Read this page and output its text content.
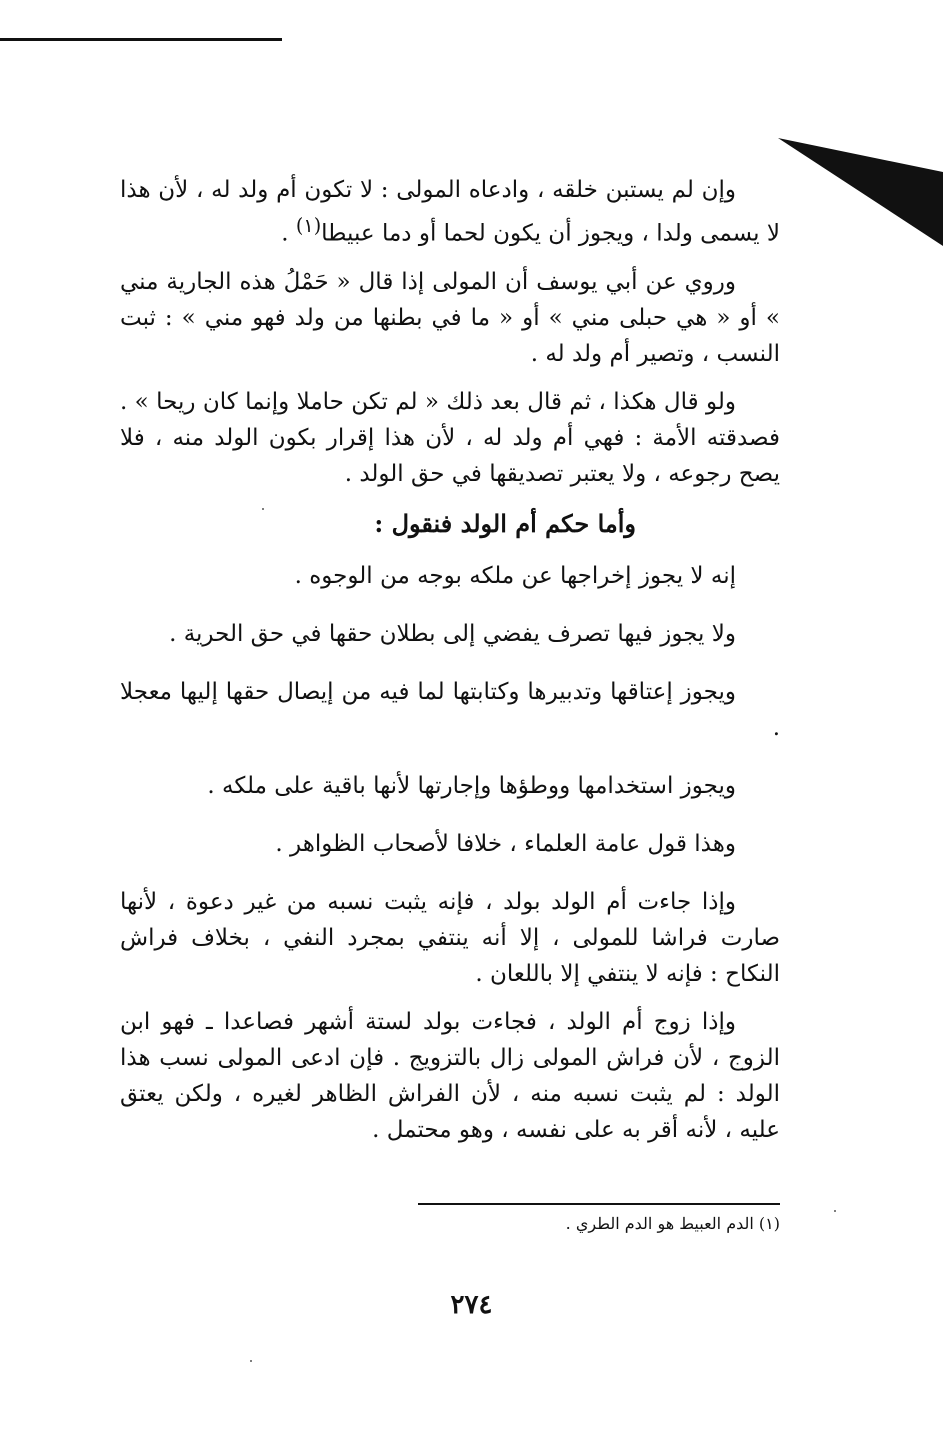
وإن لم يستبن خلقه ، وادعاه المولى : لا تكون أم ولد له ، لأن هذا لا يسمى ولدا ، ويجوز أن يكون لحما أو دما عبيطا$^{(١)}$ .

وروي عن أبي يوسف أن المولى إذا قال « حَمْلُ هذه الجارية مني » أو « هي حبلى مني » أو « ما في بطنها من ولد فهو مني » : ثبت النسب ، وتصير أم ولد له .

ولو قال هكذا ، ثم قال بعد ذلك « لم تكن حاملا وإنما كان ريحا » . فصدقته الأمة : فهي أم ولد له ، لأن هذا إقرار بكون الولد منه ، فلا يصح رجوعه ، ولا يعتبر تصديقها في حق الولد .

وأما حكم أم الولد فنقول :

إنه لا يجوز إخراجها عن ملكه بوجه من الوجوه .

ولا يجوز فيها تصرف يفضي إلى بطلان حقها في حق الحرية .

ويجوز إعتاقها وتدبيرها وكتابتها لما فيه من إيصال حقها إليها معجلا .

ويجوز استخدامها ووطؤها وإجارتها لأنها باقية على ملكه .

وهذا قول عامة العلماء ، خلافا لأصحاب الظواهر .

وإذا جاءت أم الولد بولد ، فإنه يثبت نسبه من غير دعوة ، لأنها صارت فراشا للمولى ، إلا أنه ينتفي بمجرد النفي ، بخلاف فراش النكاح : فإنه لا ينتفي إلا باللعان .

وإذا زوج أم الولد ، فجاءت بولد لستة أشهر فصاعدا ـ فهو ابن الزوج ، لأن فراش المولى زال بالتزويج . فإن ادعى المولى نسب هذا الولد : لم يثبت نسبه منه ، لأن الفراش الظاهر لغيره ، ولكن يعتق عليه ، لأنه أقر به على نفسه ، وهو محتمل .

(١) الدم العبيط هو الدم الطري .
٢٧٤
